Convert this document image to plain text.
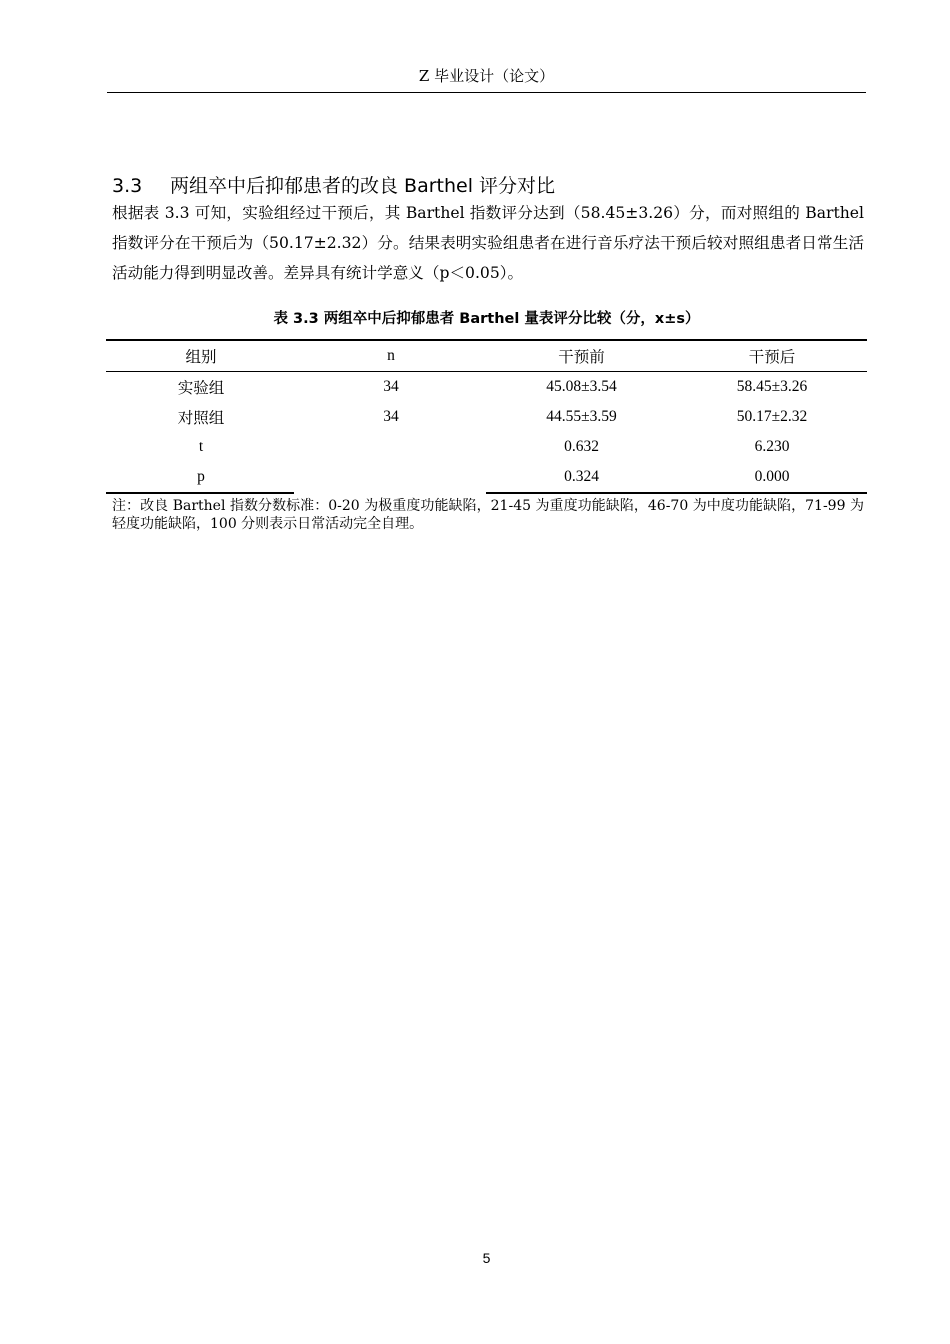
Z 毕业设计（论文）
3.3 两组卒中后抑郁患者的改良 Barthel 评分对比

根据表 3.3 可知，实验组经过干预后，其 Barthel 指数评分达到（58.45±3.26）分，而对照组的 Barthel 指数评分在干预后为（50.17±2.32）分。结果表明实验组患者在进行音乐疗法干预后较对照组患者日常生活活动能力得到明显改善。差异具有统计学意义（p＜0.05）。

表 3.3 两组卒中后抑郁患者 Barthel 量表评分比较（分，x±s）
组别	n	干预前	干预后
实验组	34	45.08±3.54	58.45±3.26
对照组	34	44.55±3.59	50.17±2.32
t		0.632	6.230
p		0.324	0.000

注：改良 Barthel 指数分数标准：0-20 为极重度功能缺陷，21-45 为重度功能缺陷，46-70 为中度功能缺陷，71-99 为轻度功能缺陷，100 分则表示日常活动完全自理。

5
